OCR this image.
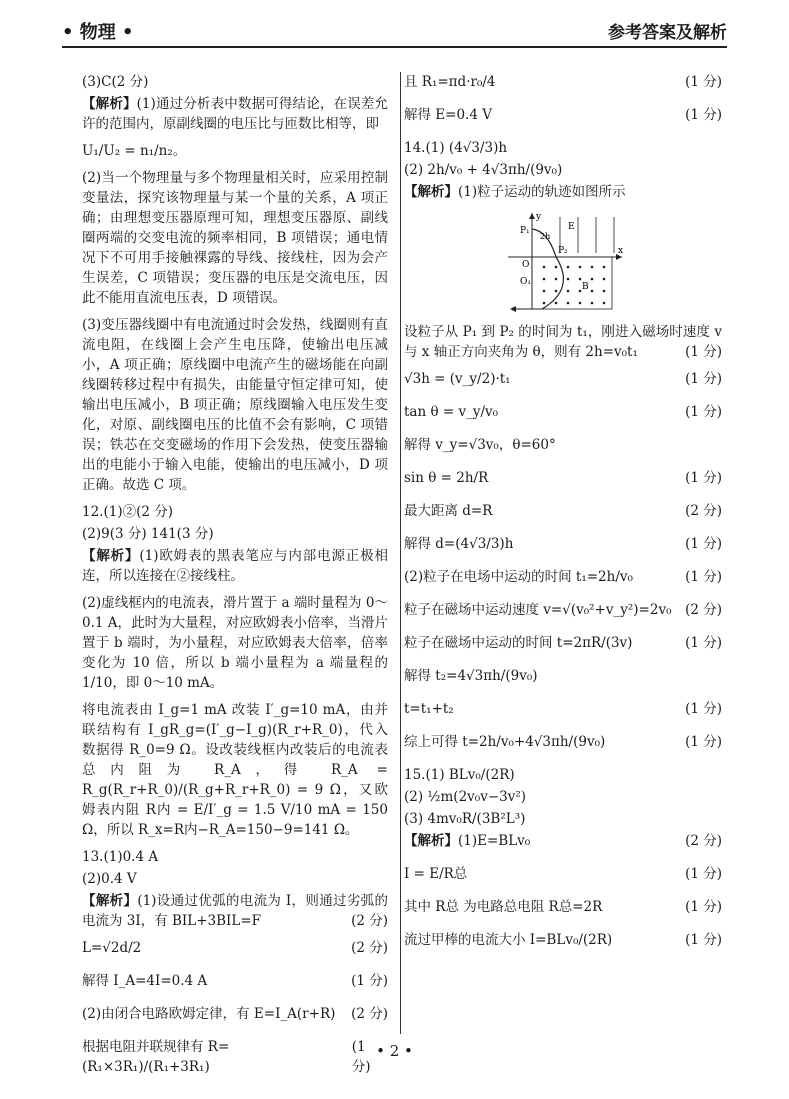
• 物理 •	参考答案及解析

(3)C(2 分)

【解析】(1)通过分析表中数据可得结论，在误差允许的范围内，原副线圈的电压比与匝数比相等，即

U₁/U₂ = n₁/n₂。

(2)当一个物理量与多个物理量相关时，应采用控制变量法，探究该物理量与某一个量的关系，A 项正确；由理想变压器原理可知，理想变压器原、副线圈两端的交变电流的频率相同，B 项错误；通电情况下不可用手接触裸露的导线、接线柱，因为会产生误差，C 项错误；变压器的电压是交流电压，因此不能用直流电压表，D 项错误。

(3)变压器线圈中有电流通过时会发热，线圈则有直流电阻，在线圈上会产生电压降，使输出电压减小，A 项正确；原线圈中电流产生的磁场能在向副线圈转移过程中有损失，由能量守恒定律可知，使输出电压减小，B 项正确；原线圈输入电压发生变化，对原、副线圈电压的比值不会有影响，C 项错误；铁芯在交变磁场的作用下会发热，使变压器输出的电能小于输入电能，使输出的电压减小，D 项正确。故选 C 项。

12.(1)②(2 分)

(2)9(3 分) 141(3 分)

【解析】(1)欧姆表的黑表笔应与内部电源正极相连，所以连接在②接线柱。

(2)虚线框内的电流表，滑片置于 a 端时量程为 0～0.1 A，此时为大量程，对应欧姆表小倍率，当滑片置于 b 端时，为小量程，对应欧姆表大倍率，倍率变化为 10 倍，所以 b 端小量程为 a 端量程的 1/10，即 0～10 mA。

将电流表由 I_g=1 mA 改装 I′_g=10 mA，由并联结构有 I_gR_g=(I′_g−I_g)(R_r+R_0)，代入数据得 R_0=9 Ω。设改装线框内改装后的电流表总内阻为 R_A，得 R_A = R_g(R_r+R_0)/(R_g+R_r+R_0) = 9 Ω，又欧姆表内阻 R内 = E/I′_g = 1.5 V/10 mA = 150 Ω，所以 R_x=R内−R_A=150−9=141 Ω。

13.(1)0.4 A

(2)0.4 V

【解析】(1)设通过优弧的电流为 I，则通过劣弧的电流为 3I，有 BIL+3BIL=F	(2 分)

L=√2d/2	(2 分)
解得 I_A=4I=0.4 A	(1 分)
(2)由闭合电路欧姆定律，有 E=I_A(r+R) (2 分)
根据电阻并联规律有 R=(R₁×3R₁)/(R₁+3R₁)
(1 分)
且 R₁=πd·r₀/4	(1 分)
解得 E=0.4 V	(1 分)

14.(1) (4√3/3)h

(2) 2h/v₀ + 4√3πh/(9v₀)

【解析】(1)粒子运动的轨迹如图所示

y
x
O
O₁
P₁
P₂
B
E
2h

设粒子从 P₁ 到 P₂ 的时间为 t₁，刚进入磁场时速度 v 与 x 轴正方向夹角为 θ，则有 2h=v₀t₁	(1 分)

√3h = (v_y/2)·t₁	(1 分)
tan θ = v_y/v₀	(1 分)
解得 v_y=√3v₀，θ=60°
sin θ = 2h/R	(1 分)
最大距离 d=R	(2 分)
解得 d=(4√3/3)h	(1 分)
(2)粒子在电场中运动的时间 t₁=2h/v₀	(1 分)
粒子在磁场中运动速度 v=√(v₀²+v_y²)=2v₀ (2 分)
粒子在磁场中运动的时间 t=2πR/(3v)	(1 分)
解得 t₂=4√3πh/(9v₀)
t=t₁+t₂	(1 分)
综上可得 t=2h/v₀+4√3πh/(9v₀)	(1 分)

15.(1) BLv₀/(2R)

(2) ½m(2v₀v−3v²)

(3) 4mv₀R/(3B²L³)

【解析】(1)E=BLv₀	(2 分)
I = E/R总	(1 分)
其中 R总 为电路总电阻 R总=2R	(1 分)
流过甲棒的电流大小 I=BLv₀/(2R)	(1 分)
• 2 •
